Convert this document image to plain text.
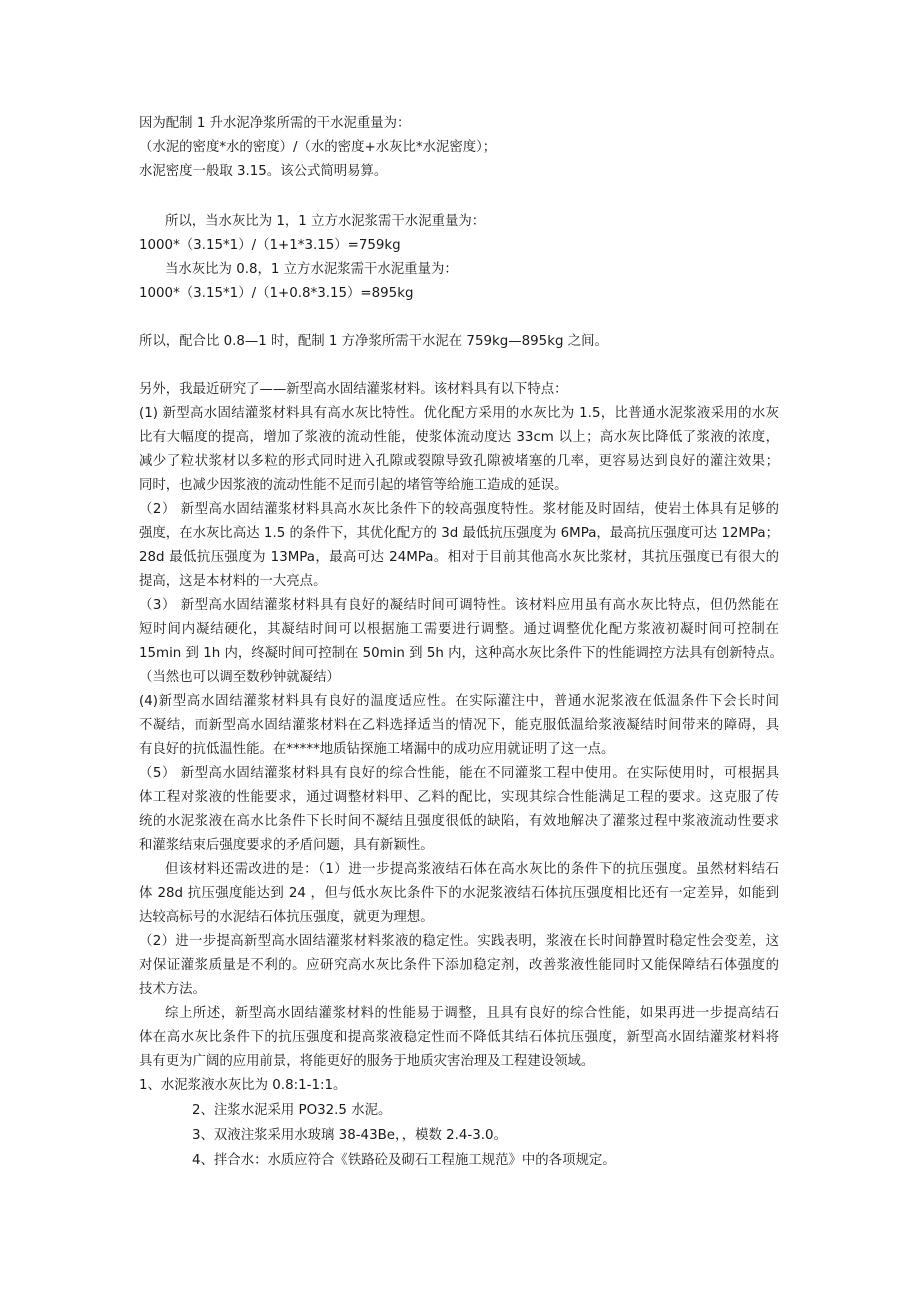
因为配制 1 升水泥净浆所需的干水泥重量为：
（水泥的密度*水的密度）/（水的密度+水灰比*水泥密度）；
水泥密度一般取 3.15。该公式简明易算。
所以，当水灰比为 1，1 立方水泥浆需干水泥重量为：
1000*（3.15*1）/（1+1*3.15）=759kg
当水灰比为 0.8，1 立方水泥浆需干水泥重量为：
1000*（3.15*1）/（1+0.8*3.15）=895kg
所以，配合比 0.8—1 时，配制 1 方净浆所需干水泥在 759kg—895kg 之间。
另外，我最近研究了——新型高水固结灌浆材料。该材料具有以下特点：
(1) 新型高水固结灌浆材料具有高水灰比特性。优化配方采用的水灰比为 1.5，比普通水泥浆液采用的水灰
比有大幅度的提高，增加了浆液的流动性能，使浆体流动度达 33cm 以上；高水灰比降低了浆液的浓度，
减少了粒状浆材以多粒的形式同时进入孔隙或裂隙导致孔隙被堵塞的几率，更容易达到良好的灌注效果；
同时，也减少因浆液的流动性能不足而引起的堵管等给施工造成的延误。
（2） 新型高水固结灌浆材料具高水灰比条件下的较高强度特性。浆材能及时固结，使岩土体具有足够的
强度，在水灰比高达 1.5 的条件下，其优化配方的 3d 最低抗压强度为 6MPa，最高抗压强度可达 12MPa；
28d 最低抗压强度为 13MPa，最高可达 24MPa。相对于目前其他高水灰比浆材，其抗压强度已有很大的
提高，这是本材料的一大亮点。
（3） 新型高水固结灌浆材料具有良好的凝结时间可调特性。该材料应用虽有高水灰比特点，但仍然能在
短时间内凝结硬化，其凝结时间可以根据施工需要进行调整。通过调整优化配方浆液初凝时间可控制在
15min 到 1h 内，终凝时间可控制在 50min 到 5h 内，这种高水灰比条件下的性能调控方法具有创新特点。
（当然也可以调至数秒钟就凝结）
(4)新型高水固结灌浆材料具有良好的温度适应性。在实际灌注中，普通水泥浆液在低温条件下会长时间
不凝结，而新型高水固结灌浆材料在乙料选择适当的情况下，能克服低温给浆液凝结时间带来的障碍，具
有良好的抗低温性能。在*****地质钻探施工堵漏中的成功应用就证明了这一点。
（5） 新型高水固结灌浆材料具有良好的综合性能，能在不同灌浆工程中使用。在实际使用时，可根据具
体工程对浆液的性能要求，通过调整材料甲、乙料的配比，实现其综合性能满足工程的要求。这克服了传
统的水泥浆液在高水比条件下长时间不凝结且强度很低的缺陷，有效地解决了灌浆过程中浆液流动性要求
和灌浆结束后强度要求的矛盾问题，具有新颖性。
但该材料还需改进的是：（1）进一步提高浆液结石体在高水灰比的条件下的抗压强度。虽然材料结石
体 28d 抗压强度能达到 24 ，但与低水灰比条件下的水泥浆液结石体抗压强度相比还有一定差异，如能到
达较高标号的水泥结石体抗压强度，就更为理想。
（2）进一步提高新型高水固结灌浆材料浆液的稳定性。实践表明，浆液在长时间静置时稳定性会变差，这
对保证灌浆质量是不利的。应研究高水灰比条件下添加稳定剂，改善浆液性能同时又能保障结石体强度的
技术方法。
综上所述，新型高水固结灌浆材料的性能易于调整，且具有良好的综合性能，如果再进一步提高结石
体在高水灰比条件下的抗压强度和提高浆液稳定性而不降低其结石体抗压强度，新型高水固结灌浆材料将
具有更为广阔的应用前景，将能更好的服务于地质灾害治理及工程建设领域。
1、水泥浆液水灰比为 0.8:1-1:1。
2、注浆水泥采用 PO32.5 水泥。
3、双液注浆采用水玻璃 38-43Be，，模数 2.4-3.0。
4、拌合水：水质应符合《铁路砼及砌石工程施工规范》中的各项规定。
